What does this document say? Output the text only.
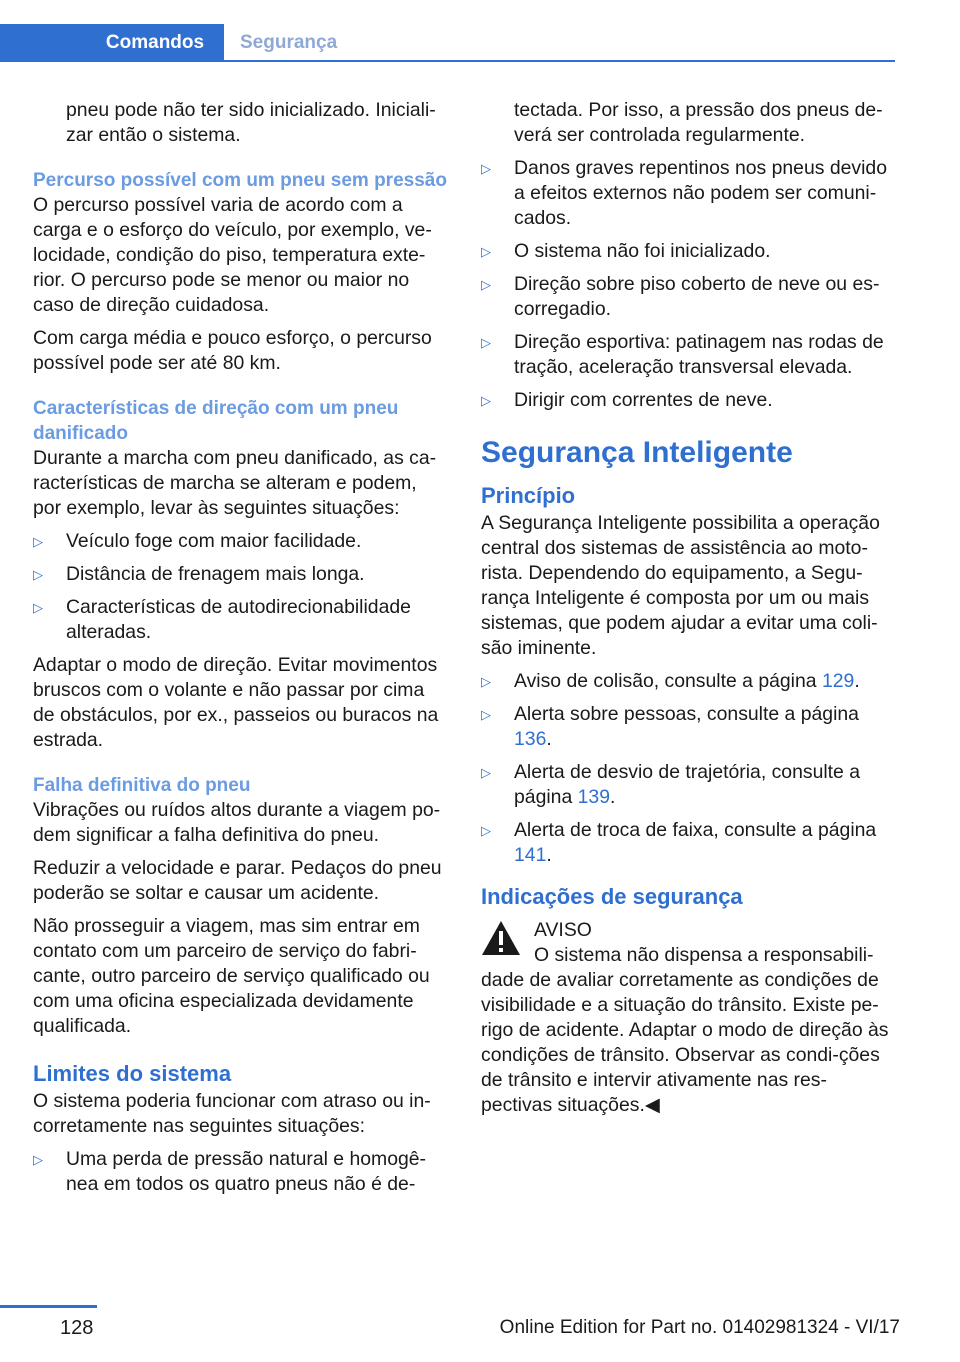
Comandos	Segurança

pneu pode não ter sido inicializado. Iniciali‐zar então o sistema.

Percurso possível com um pneu sem pressão

O percurso possível varia de acordo com a carga e o esforço do veículo, por exemplo, ve‐locidade, condição do piso, temperatura exte‐rior. O percurso pode se menor ou maior no caso de direção cuidadosa.

Com carga média e pouco esforço, o percurso possível pode ser até 80 km.

Características de direção com um pneu danificado

Durante a marcha com pneu danificado, as ca‐racterísticas de marcha se alteram e podem, por exemplo, levar às seguintes situações:

▷ Veículo foge com maior facilidade.
▷ Distância de frenagem mais longa.
▷ Características de autodirecionabilidade alteradas.

Adaptar o modo de direção. Evitar movimentos bruscos com o volante e não passar por cima de obstáculos, por ex., passeios ou buracos na estrada.

Falha definitiva do pneu

Vibrações ou ruídos altos durante a viagem po‐dem significar a falha definitiva do pneu.

Reduzir a velocidade e parar. Pedaços do pneu poderão se soltar e causar um acidente.

Não prosseguir a viagem, mas sim entrar em contato com um parceiro de serviço do fabri‐cante, outro parceiro de serviço qualificado ou com uma oficina especializada devidamente qualificada.

Limites do sistema

O sistema poderia funcionar com atraso ou in‐corretamente nas seguintes situações:

▷ Uma perda de pressão natural e homogê‐nea em todos os quatro pneus não é de‐

tectada. Por isso, a pressão dos pneus de‐verá ser controlada regularmente.

▷ Danos graves repentinos nos pneus devido a efeitos externos não podem ser comuni‐cados.
▷ O sistema não foi inicializado.
▷ Direção sobre piso coberto de neve ou es‐corregadio.
▷ Direção esportiva: patinagem nas rodas de tração, aceleração transversal elevada.
▷ Dirigir com correntes de neve.
Segurança Inteligente
Princípio

A Segurança Inteligente possibilita a operação central dos sistemas de assistência ao moto‐rista. Dependendo do equipamento, a Segu‐rança Inteligente é composta por um ou mais sistemas, que podem ajudar a evitar uma coli‐são iminente.

▷ Aviso de colisão, consulte a página 129.
▷ Alerta sobre pessoas, consulte a página 136.
▷ Alerta de desvio de trajetória, consulte a página 139.
▷ Alerta de troca de faixa, consulte a página 141.
Indicações de segurança

AVISO

O sistema não dispensa a responsabili‐

dade de avaliar corretamente as condições de visibilidade e a situação do trânsito. Existe pe‐rigo de acidente. Adaptar o modo de direção às condições de trânsito. Observar as condi‐ções de trânsito e intervir ativamente nas res‐pectivas situações.◀

128	Online Edition for Part no. 01402981324 - VI/17
